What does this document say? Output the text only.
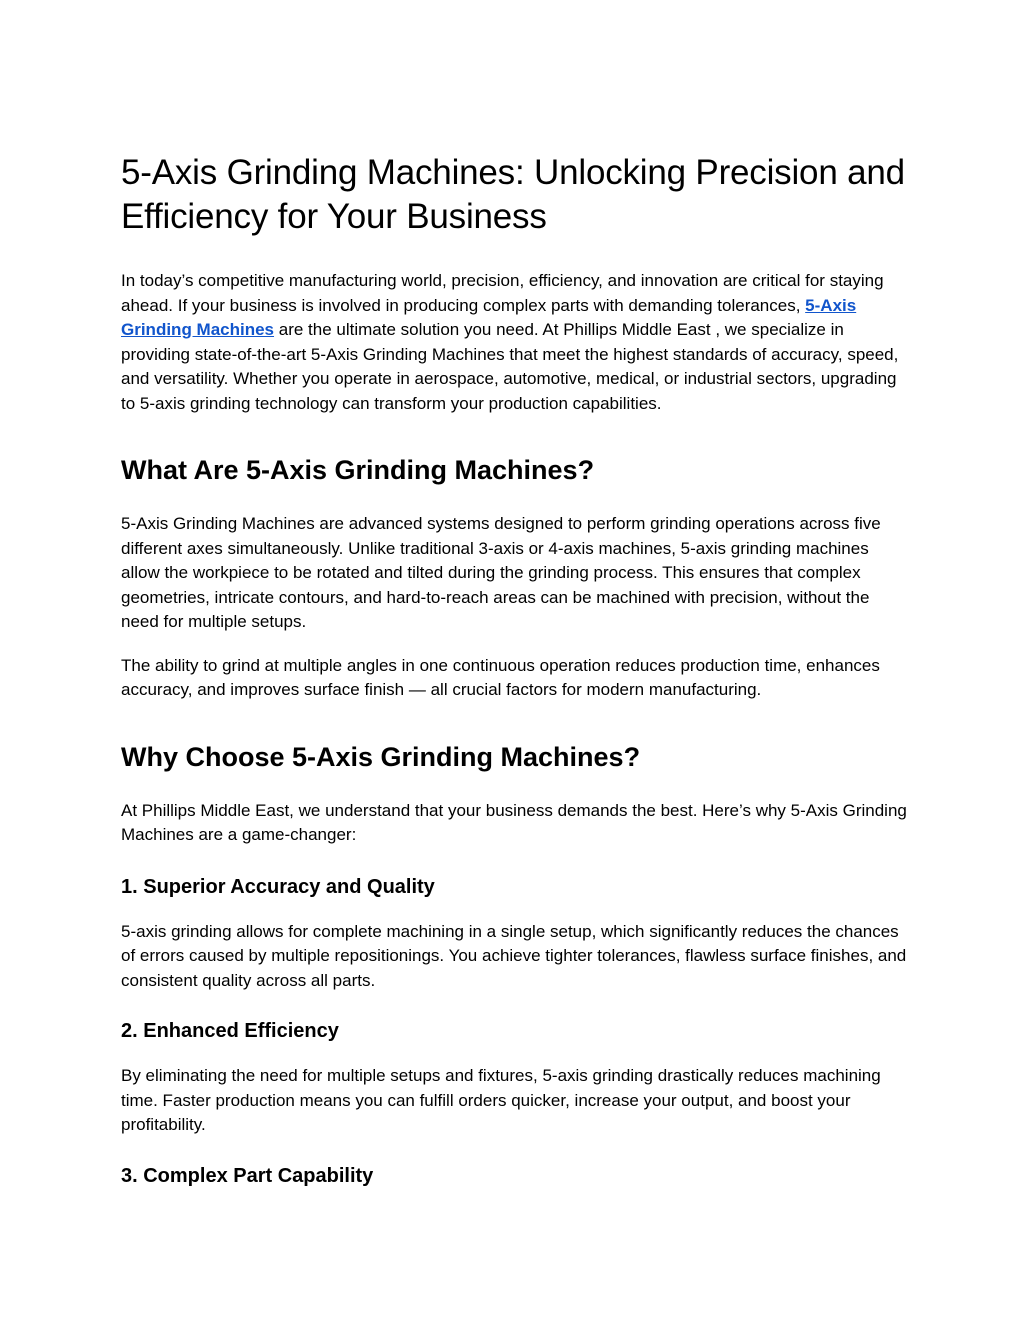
5-Axis Grinding Machines: Unlocking Precision and Efficiency for Your Business

In today’s competitive manufacturing world, precision, efficiency, and innovation are critical for staying ahead. If your business is involved in producing complex parts with demanding tolerances, 5-Axis Grinding Machines are the ultimate solution you need. At Phillips Middle East , we specialize in providing state-of-the-art 5-Axis Grinding Machines that meet the highest standards of accuracy, speed, and versatility. Whether you operate in aerospace, automotive, medical, or industrial sectors, upgrading to 5-axis grinding technology can transform your production capabilities.

What Are 5-Axis Grinding Machines?

5-Axis Grinding Machines are advanced systems designed to perform grinding operations across five different axes simultaneously. Unlike traditional 3-axis or 4-axis machines, 5-axis grinding machines allow the workpiece to be rotated and tilted during the grinding process. This ensures that complex geometries, intricate contours, and hard-to-reach areas can be machined with precision, without the need for multiple setups.

The ability to grind at multiple angles in one continuous operation reduces production time, enhances accuracy, and improves surface finish — all crucial factors for modern manufacturing.

Why Choose 5-Axis Grinding Machines?

At Phillips Middle East, we understand that your business demands the best. Here’s why 5-Axis Grinding Machines are a game-changer:

1. Superior Accuracy and Quality

5-axis grinding allows for complete machining in a single setup, which significantly reduces the chances of errors caused by multiple repositionings. You achieve tighter tolerances, flawless surface finishes, and consistent quality across all parts.

2. Enhanced Efficiency

By eliminating the need for multiple setups and fixtures, 5-axis grinding drastically reduces machining time. Faster production means you can fulfill orders quicker, increase your output, and boost your profitability.

3. Complex Part Capability
